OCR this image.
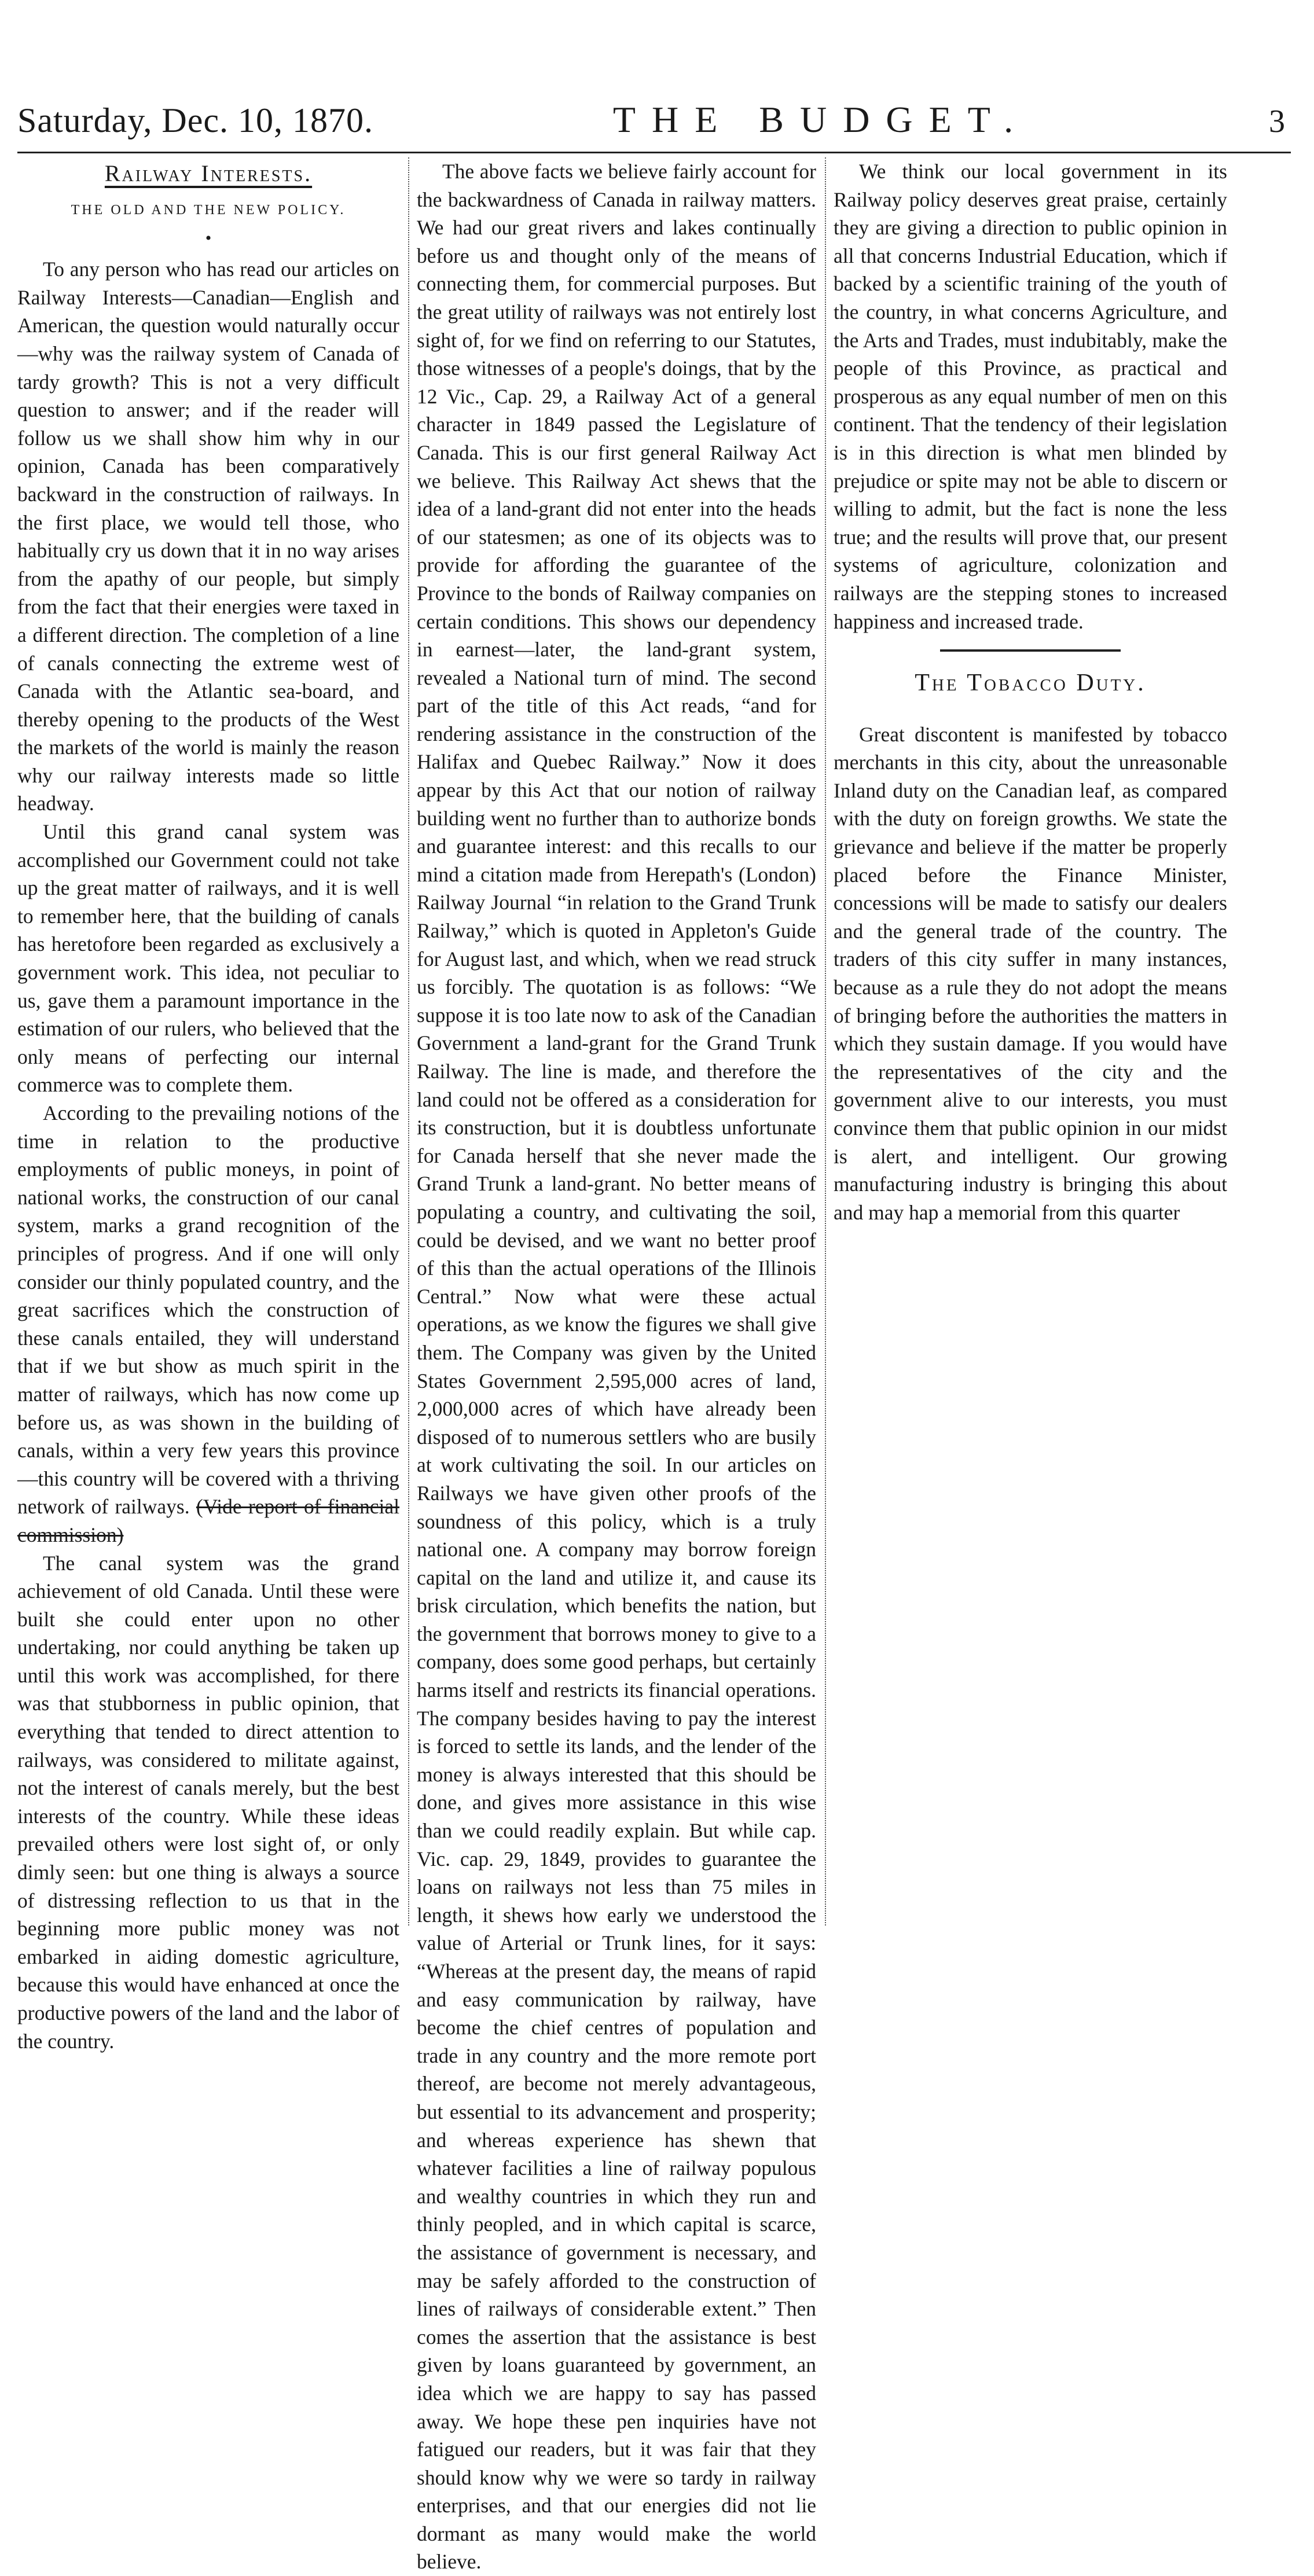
Saturday, Dec. 10, 1870.	THE BUDGET.	3
Railway Interests.
THE OLD AND THE NEW POLICY.
•

To any person who has read our articles on Railway Interests—Canadian—English and American, the question would naturally occur—why was the railway system of Canada of tardy growth? This is not a very difficult question to answer; and if the reader will follow us we shall show him why in our opinion, Canada has been comparatively backward in the construction of railways. In the first place, we would tell those, who habitually cry us down that it in no way arises from the apathy of our people, but simply from the fact that their energies were taxed in a different direction. The completion of a line of canals connecting the extreme west of Canada with the Atlantic sea-board, and thereby opening to the products of the West the markets of the world is mainly the reason why our railway interests made so little headway.

Until this grand canal system was accomplished our Government could not take up the great matter of railways, and it is well to remember here, that the building of canals has heretofore been regarded as exclusively a government work. This idea, not peculiar to us, gave them a paramount importance in the estimation of our rulers, who believed that the only means of perfecting our internal commerce was to complete them.

According to the prevailing notions of the time in relation to the productive employments of public moneys, in point of national works, the construction of our canal system, marks a grand recognition of the principles of progress. And if one will only consider our thinly populated country, and the great sacrifices which the construction of these canals entailed, they will understand that if we but show as much spirit in the matter of railways, which has now come up before us, as was shown in the building of canals, within a very few years this province—this country will be covered with a thriving network of railways. (Vide report of financial commission)

The canal system was the grand achievement of old Canada. Until these were built she could enter upon no other undertaking, nor could anything be taken up until this work was accomplished, for there was that stubborness in public opinion, that everything that tended to direct attention to railways, was considered to militate against, not the interest of canals merely, but the best interests of the country. While these ideas prevailed others were lost sight of, or only dimly seen: but one thing is always a source of distressing reflection to us that in the beginning more public money was not embarked in aiding domestic agriculture, because this would have enhanced at once the productive powers of the land and the labor of the country.

The above facts we believe fairly account for the backwardness of Canada in railway matters. We had our great rivers and lakes continually before us and thought only of the means of connecting them, for commercial purposes. But the great utility of railways was not entirely lost sight of, for we find on referring to our Statutes, those witnesses of a people's doings, that by the 12 Vic., Cap. 29, a Railway Act of a general character in 1849 passed the Legislature of Canada. This is our first general Railway Act we believe. This Railway Act shews that the idea of a land-grant did not enter into the heads of our statesmen; as one of its objects was to provide for affording the guarantee of the Province to the bonds of Railway companies on certain conditions. This shows our dependency in earnest—later, the land-grant system, revealed a National turn of mind. The second part of the title of this Act reads, “and for rendering assistance in the construction of the Halifax and Quebec Railway.” Now it does appear by this Act that our notion of railway building went no further than to authorize bonds and guarantee interest: and this recalls to our mind a citation made from Herepath's (London) Railway Journal “in relation to the Grand Trunk Railway,” which is quoted in Appleton's Guide for August last, and which, when we read struck us forcibly. The quotation is as follows: “We suppose it is too late now to ask of the Canadian Government a land-grant for the Grand Trunk Railway. The line is made, and therefore the land could not be offered as a consideration for its construction, but it is doubtless unfortunate for Canada herself that she never made the Grand Trunk a land-grant. No better means of populating a country, and cultivating the soil, could be devised, and we want no better proof of this than the actual operations of the Illinois Central.” Now what were these actual operations, as we know the figures we shall give them. The Company was given by the United States Government 2,595,000 acres of land, 2,000,000 acres of which have already been disposed of to numerous settlers who are busily at work cultivating the soil. In our articles on Railways we have given other proofs of the soundness of this policy, which is a truly national one. A company may borrow foreign capital on the land and utilize it, and cause its brisk circulation, which benefits the nation, but the government that borrows money to give to a company, does some good perhaps, but certainly harms itself and restricts its financial operations. The company besides having to pay the interest is forced to settle its lands, and the lender of the money is always interested that this should be done, and gives more assistance in this wise than we could readily explain. But while cap. Vic. cap. 29, 1849, provides to guarantee the loans on railways not less than 75 miles in length, it shews how early we understood the value of Arterial or Trunk lines, for it says: “Whereas at the present day, the means of rapid and easy communication by railway, have become the chief centres of population and trade in any country and the more remote port thereof, are become not merely advantageous, but essential to its advancement and prosperity; and whereas experience has shewn that whatever facilities a line of railway populous and wealthy countries in which they run and thinly peopled, and in which capital is scarce, the assistance of government is necessary, and may be safely afforded to the construction of lines of railways of considerable extent.” Then comes the assertion that the assistance is best given by loans guaranteed by government, an idea which we are happy to say has passed away. We hope these pen inquiries have not fatigued our readers, but it was fair that they should know why we were so tardy in railway enterprises, and that our energies did not lie dormant as many would make the world believe.

We think our local government in its Railway policy deserves great praise, certainly they are giving a direction to public opinion in all that concerns Industrial Education, which if backed by a scientific training of the youth of the country, in what concerns Agriculture, and the Arts and Trades, must indubitably, make the people of this Province, as practical and prosperous as any equal number of men on this continent. That the tendency of their legislation is in this direction is what men blinded by prejudice or spite may not be able to discern or willing to admit, but the fact is none the less true; and the results will prove that, our present systems of agriculture, colonization and railways are the stepping stones to increased happiness and increased trade.

The Tobacco Duty.

Great discontent is manifested by tobacco merchants in this city, about the unreasonable Inland duty on the Canadian leaf, as compared with the duty on foreign growths. We state the grievance and believe if the matter be properly placed before the Finance Minister, concessions will be made to satisfy our dealers and the general trade of the country. The traders of this city suffer in many instances, because as a rule they do not adopt the means of bringing before the authorities the matters in which they sustain damage. If you would have the representatives of the city and the government alive to our interests, you must convince them that public opinion in our midst is alert, and intelligent. Our growing manufacturing industry is bringing this about and may hap a memorial from this quarter
